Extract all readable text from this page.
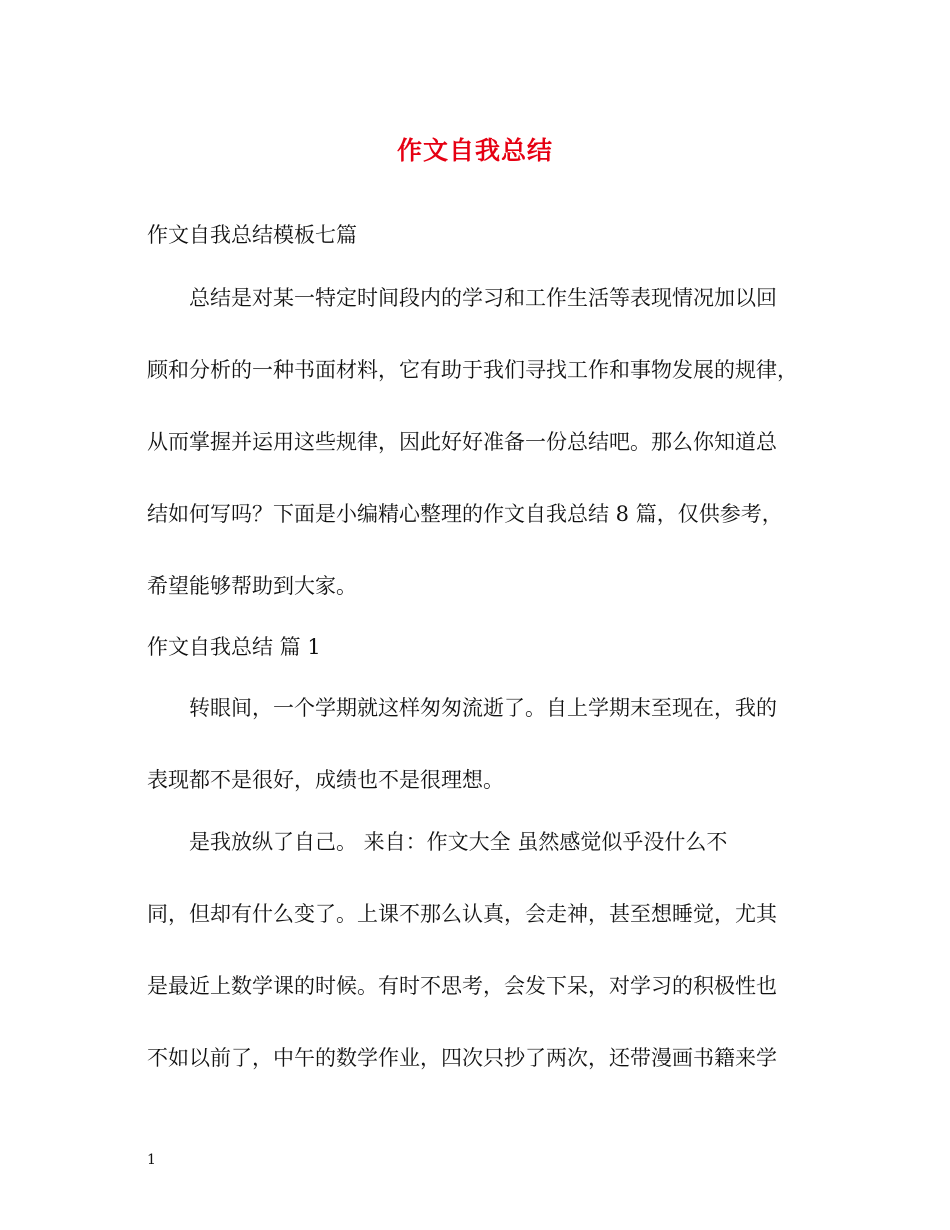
作文自我总结
作文自我总结模板七篇
总结是对某一特定时间段内的学习和工作生活等表现情况加以回
顾和分析的一种书面材料，它有助于我们寻找工作和事物发展的规律，
从而掌握并运用这些规律，因此好好准备一份总结吧。那么你知道总
结如何写吗？下面是小编精心整理的作文自我总结 8 篇，仅供参考，
希望能够帮助到大家。
作文自我总结 篇 1
转眼间，一个学期就这样匆匆流逝了。自上学期末至现在，我的
表现都不是很好，成绩也不是很理想。
是我放纵了自己。 来自：作文大全 虽然感觉似乎没什么不
同，但却有什么变了。上课不那么认真，会走神，甚至想睡觉，尤其
是最近上数学课的时候。有时不思考，会发下呆，对学习的积极性也
不如以前了，中午的数学作业，四次只抄了两次，还带漫画书籍来学
1
